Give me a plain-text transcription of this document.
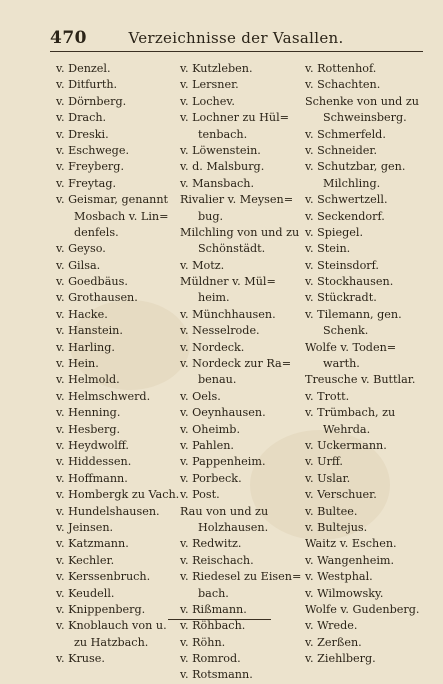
470	Verzeichnisse der Vasallen.
v. Denzel.
v. Ditfurth.
v. Dörnberg.
v. Drach.
v. Dreski.
v. Eschwege.
v. Freyberg.
v. Freytag.
v. Geismar, genannt
Mosbach v. Lin=
denfels.
v. Geyso.
v. Gilsa.
v. Goedbäus.
v. Grothausen.
v. Hacke.
v. Hanstein.
v. Harling.
v. Hein.
v. Helmold.
v. Helmschwerd.
v. Henning.
v. Hesberg.
v. Heydwolff.
v. Hiddessen.
v. Hoffmann.
v. Hombergk zu Vach.
v. Hundelshausen.
v. Jeinsen.
v. Katzmann.
v. Kechler.
v. Kerssenbruch.
v. Keudell.
v. Knippenberg.
v. Knoblauch von u.
zu Hatzbach.
v. Kruse.
v. Kutzleben.
v. Lersner.
v. Lochev.
v. Lochner zu Hül=
tenbach.
v. Löwenstein.
v. d. Malsburg.
v. Mansbach.
Rivalier v. Meysen=
bug.
Milchling von und zu
Schönstädt.
v. Motz.
Müldner v. Mül=
heim.
v. Münchhausen.
v. Nesselrode.
v. Nordeck.
v. Nordeck zur Ra=
benau.
v. Oels.
v. Oeynhausen.
v. Oheimb.
v. Pahlen.
v. Pappenheim.
v. Porbeck.
v. Post.
Rau von und zu
Holzhausen.
v. Redwitz.
v. Reischach.
v. Riedesel zu Eisen=
bach.
v. Rißmann.
v. Röhbach.
v. Röhn.
v. Romrod.
v. Rotsmann.
v. Rottenhof.
v. Schachten.
Schenke von und zu
Schweinsberg.
v. Schmerfeld.
v. Schneider.
v. Schutzbar, gen.
Milchling.
v. Schwertzell.
v. Seckendorf.
v. Spiegel.
v. Stein.
v. Steinsdorf.
v. Stockhausen.
v. Stückradt.
v. Tilemann, gen.
Schenk.
Wolfe v. Toden=
warth.
Treusche v. Buttlar.
v. Trott.
v. Trümbach, zu
Wehrda.
v. Uckermann.
v. Urff.
v. Uslar.
v. Verschuer.
v. Bultee.
v. Bultejus.
Waitz v. Eschen.
v. Wangenheim.
v. Westphal.
v. Wilmowsky.
Wolfe v. Gudenberg.
v. Wrede.
v. Zerßen.
v. Ziehlberg.
